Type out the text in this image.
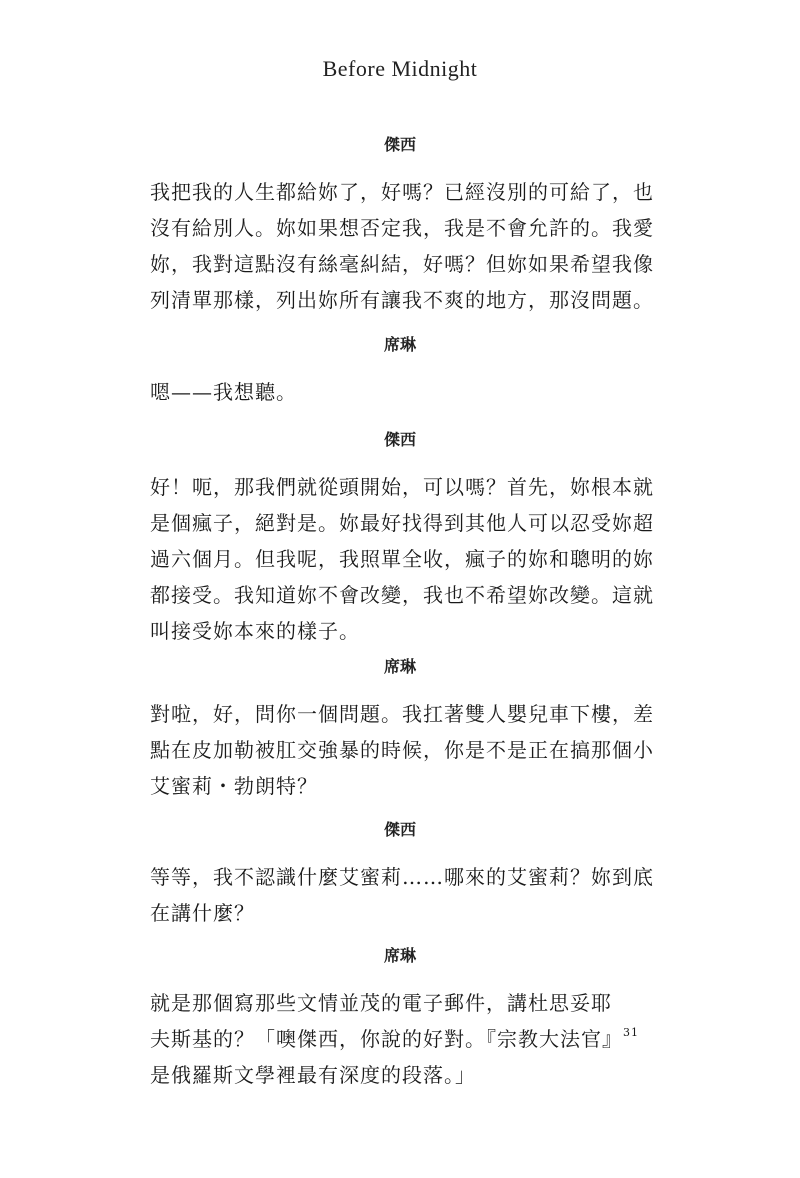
Before Midnight
傑西
我把我的人生都給妳了，好嗎？已經沒別的可給了，也
沒有給別人。妳如果想否定我，我是不會允許的。我愛
妳，我對這點沒有絲毫糾結，好嗎？但妳如果希望我像
列清單那樣，列出妳所有讓我不爽的地方，那沒問題。
席琳
嗯——我想聽。
傑西
好！呃，那我們就從頭開始，可以嗎？首先，妳根本就
是個瘋子，絕對是。妳最好找得到其他人可以忍受妳超
過六個月。但我呢，我照單全收，瘋子的妳和聰明的妳
都接受。我知道妳不會改變，我也不希望妳改變。這就
叫接受妳本來的樣子。
席琳
對啦，好，問你一個問題。我扛著雙人嬰兒車下樓，差
點在皮加勒被肛交強暴的時候，你是不是正在搞那個小
艾蜜莉・勃朗特？
傑西
等等，我不認識什麼艾蜜莉……哪來的艾蜜莉？妳到底
在講什麼？
席琳
就是那個寫那些文情並茂的電子郵件，講杜思妥耶
夫斯基的？「噢傑西，你說的好對。『宗教大法官』$^{31}$
是俄羅斯文學裡最有深度的段落。」
